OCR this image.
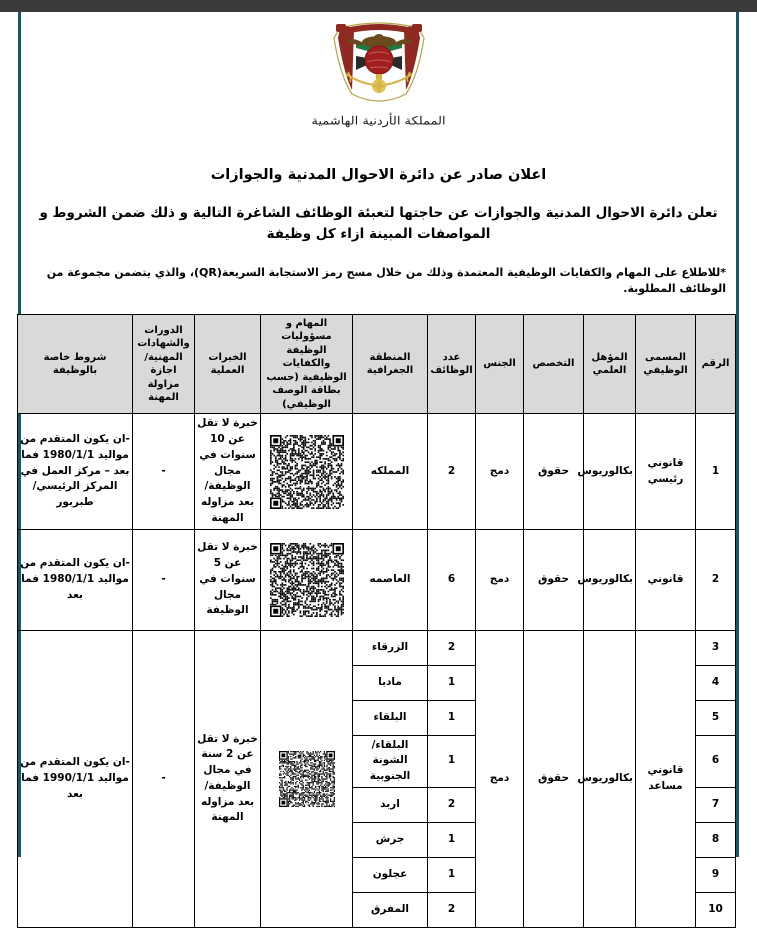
المملكة الأردنية الهاشمية
اعلان صادر عن دائرة الاحوال المدنية والجوازات
تعلن دائرة الاحوال المدنية والجوازات عن حاجتها لتعبئة الوظائف الشاغرة التالية و ذلك ضمن الشروط و المواصفات المبينة ازاء كل وظيفة
*للاطلاع على المهام والكفايات الوظيفية المعتمدة وذلك من خلال مسح رمز الاستجابة السريعة(QR)، والذي يتضمن مجموعة من الوظائف المطلوبة.
الرقم	المسمى الوظيفي	المؤهل العلمي	التخصص	الجنس	عدد الوظائف	المنطقة الجغرافية	المهام و مسؤوليات الوظيفة والكفايات الوظيفية (حسب بطاقة الوصف الوظيفي)	الخبرات العملية	الدورات والشهادات المهنية/اجازة مزاولة المهنة	شروط خاصة بالوظيفة
1	قانوني رئيسي	بكالوريوس	حقوق	دمج	2	المملكه		خبرة لا تقل عن 10 سنوات في مجال الوظيفة/ بعد مزاوله المهنة	-	-ان يكون المتقدم من مواليد 1980/1/1 فما بعد – مركز العمل في المركز الرئيسي/طبربور
2	قانوني	بكالوريوس	حقوق	دمج	6	العاصمه		خبرة لا تقل عن 5 سنوات في مجال الوظيفة	-	-ان يكون المتقدم من مواليد 1980/1/1 فما بعد
3	قانوني مساعد	بكالوريوس	حقوق	دمج	2	الزرقاء		خبرة لا تقل عن 2 سنة في مجال الوظيفة/بعد مزاوله المهنة	-	-ان يكون المتقدم من مواليد 1990/1/1 فما بعد
4					1	مادبا				
5					1	البلقاء				
6					1	البلقاء/الشونة الجنوبية				
7					2	اربد				
8					1	جرش				
9					1	عجلون				
10					2	المفرق				
